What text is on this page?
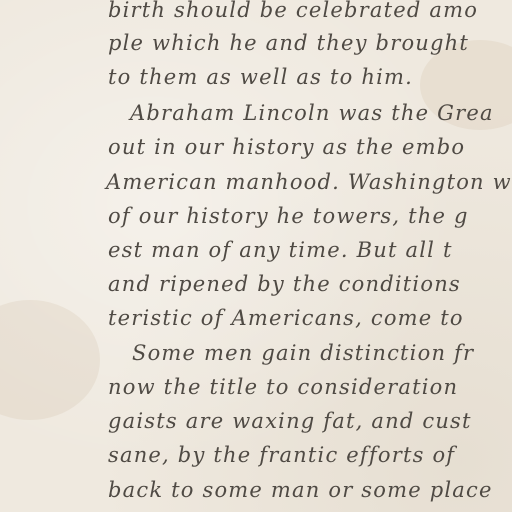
birth should be celebrated amo
ple which he and they brought
to them as well as to him.
Abraham Lincoln was the Grea
out in our history as the embo
American manhood. Washington w
of our history he towers, the g
est man of any time. But all t
and ripened by the conditions
teristic of Americans, come to
Some men gain distinction fr
now the title to consideration
gaists are waxing fat, and cust
sane, by the frantic efforts of
back to some man or some place
